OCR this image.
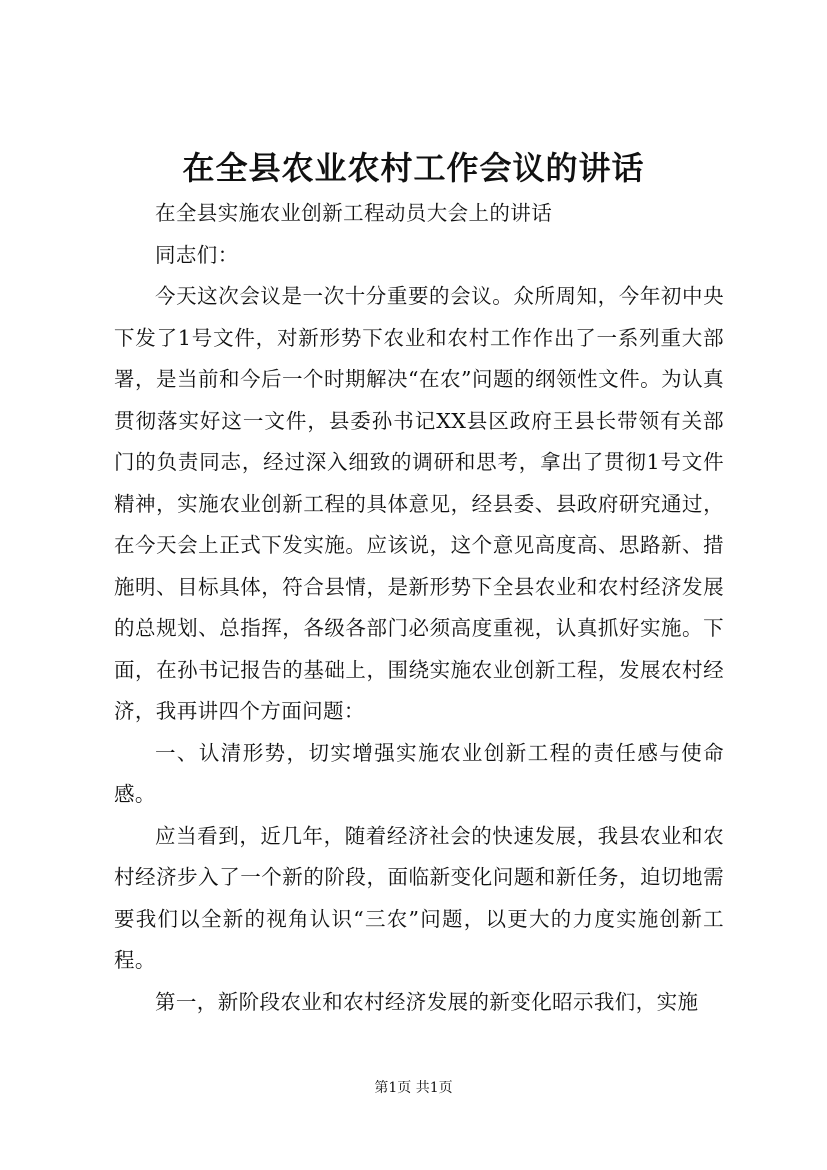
在全县农业农村工作会议的讲话

在全县实施农业创新工程动员大会上的讲话

同志们：

今天这次会议是一次十分重要的会议。众所周知，今年初中央下发了1号文件，对新形势下农业和农村工作作出了一系列重大部署，是当前和今后一个时期解决“在农”问题的纲领性文件。为认真贯彻落实好这一文件，县委孙书记XX县区政府王县长带领有关部门的负责同志，经过深入细致的调研和思考，拿出了贯彻1号文件精神，实施农业创新工程的具体意见，经县委、县政府研究通过，在今天会上正式下发实施。应该说，这个意见高度高、思路新、措施明、目标具体，符合县情，是新形势下全县农业和农村经济发展的总规划、总指挥，各级各部门必须高度重视，认真抓好实施。下面，在孙书记报告的基础上，围绕实施农业创新工程，发展农村经济，我再讲四个方面问题：

一、认清形势，切实增强实施农业创新工程的责任感与使命感。

应当看到，近几年，随着经济社会的快速发展，我县农业和农村经济步入了一个新的阶段，面临新变化问题和新任务，迫切地需要我们以全新的视角认识“三农”问题，以更大的力度实施创新工程。

第一，新阶段农业和农村经济发展的新变化昭示我们，实施

第1页 共1页
